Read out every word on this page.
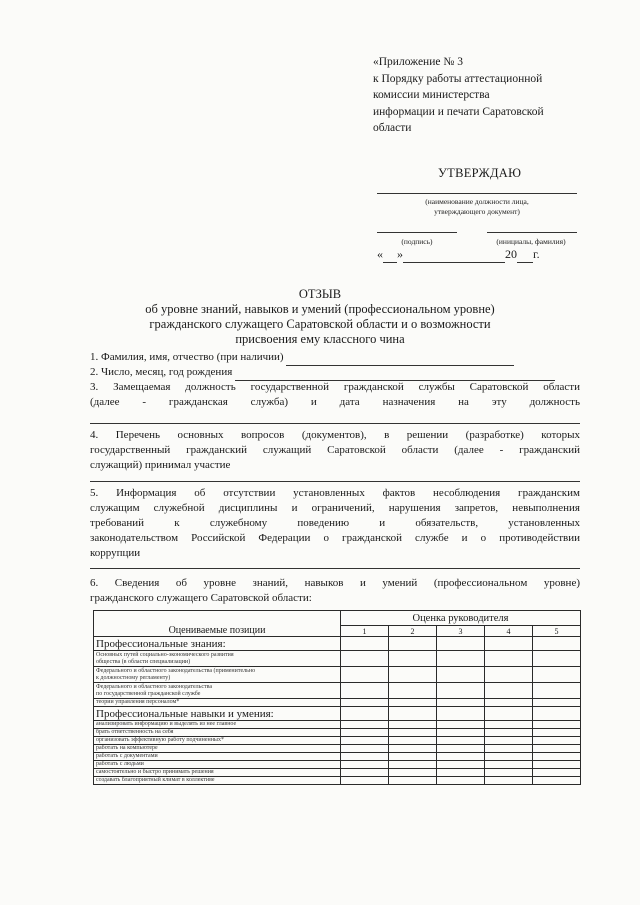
«Приложение № 3
к Порядку работы аттестационной
комиссии министерства
информации и печати Саратовской
области
УТВЕРЖДАЮ
(наименование должности лица,
утверждающего документ)
(подпись)	(инициалы, фамилия)
« »	20 г.
ОТЗЫВ
об уровне знаний, навыков и умений (профессиональном уровне)
гражданского служащего Саратовской области и о возможности
присвоения ему классного чина
1. Фамилия, имя, отчество (при наличии)
2. Число, месяц, год рождения
3. Замещаемая должность государственной гражданской службы Саратовской области
(далее - гражданская служба) и дата назначения на эту должность
4. Перечень основных вопросов (документов), в решении (разработке) которых
государственный гражданский служащий Саратовской области (далее - гражданский
служащий) принимал участие
5. Информация об отсутствии установленных фактов несоблюдения гражданским
служащим служебной дисциплины и ограничений, нарушения запретов, невыполнения
требований к служебному поведению и обязательств, установленных
законодательством Российской Федерации о гражданской службе и о противодействии
коррупции
6. Сведения об уровне знаний, навыков и умений (профессиональном уровне)
гражданского служащего Саратовской области:
Оцениваемые позиции	Оценка руководителя				
	1	2	3	4	5
Профессиональные знания:					

Основных путей социально-экономического развития
общества (в области специализации)					

Федерального и областного законодательства (применительно
к должностному регламенту)					

Федерального и областного законодательства
по государственной гражданской службе					

теории управления персоналом*					

Профессиональные навыки и умения:					

анализировать информацию и выделять из нее главное					

брать ответственность на себя					

организовать эффективную работу подчиненных*					

работать на компьютере					

работать с документами					

работать с людьми					

самостоятельно и быстро принимать решения					

создавать благоприятный климат в коллективе					
